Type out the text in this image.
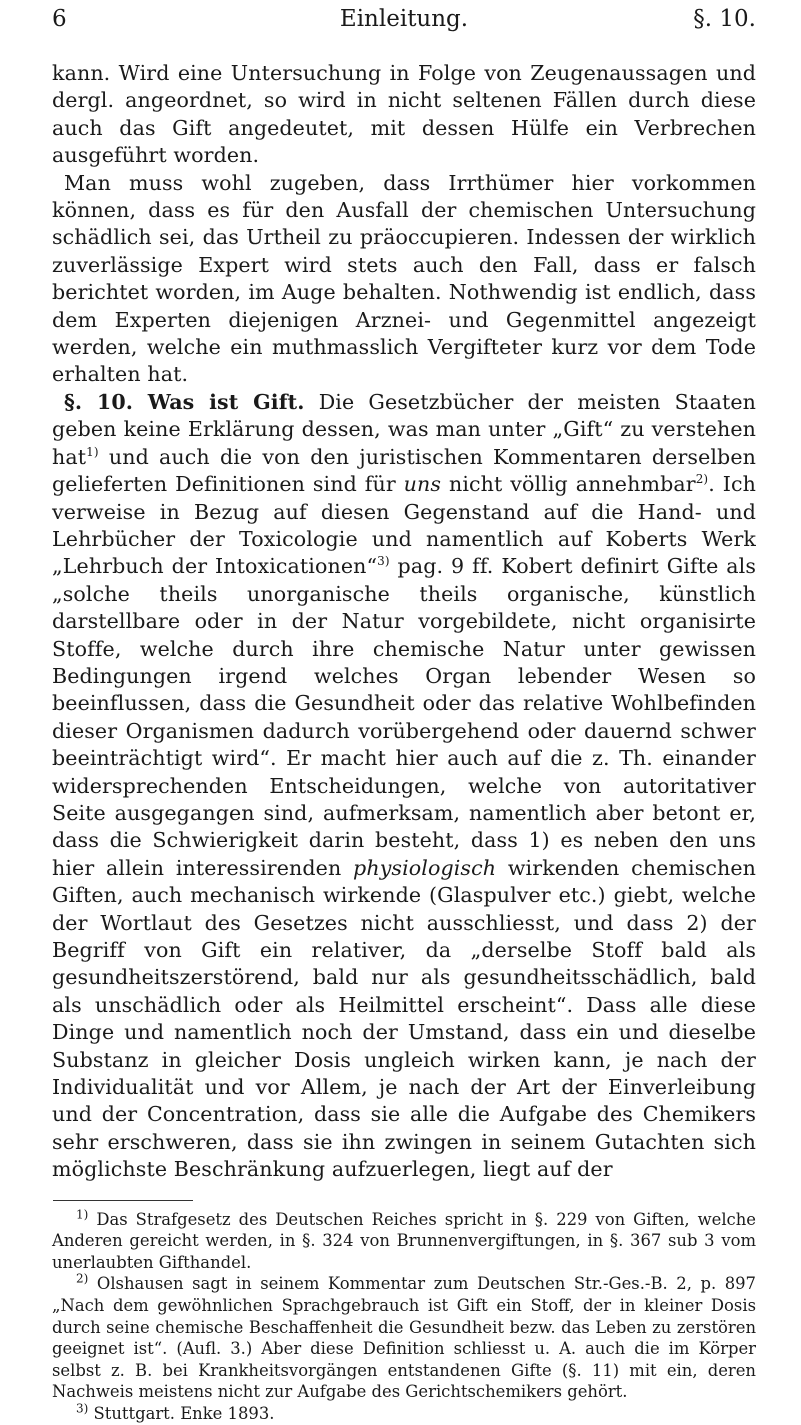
6	Einleitung.	§. 10.

kann. Wird eine Untersuchung in Folge von Zeugenaussagen und dergl. angeordnet, so wird in nicht seltenen Fällen durch diese auch das Gift angedeutet, mit dessen Hülfe ein Verbrechen ausgeführt worden.

Man muss wohl zugeben, dass Irrthümer hier vorkommen können, dass es für den Ausfall der chemischen Untersuchung schädlich sei, das Urtheil zu präoccupieren. Indessen der wirklich zuverlässige Expert wird stets auch den Fall, dass er falsch berichtet worden, im Auge behalten. Nothwendig ist endlich, dass dem Experten diejenigen Arznei- und Gegenmittel angezeigt werden, welche ein muthmasslich Vergifteter kurz vor dem Tode erhalten hat.

§. 10. Was ist Gift. Die Gesetzbücher der meisten Staaten geben keine Erklärung dessen, was man unter „Gift“ zu verstehen hat$^{1)}$ und auch die von den juristischen Kommentaren derselben gelieferten Definitionen sind für uns nicht völlig annehmbar$^{2)}$. Ich verweise in Bezug auf diesen Gegenstand auf die Hand- und Lehrbücher der Toxicologie und namentlich auf Koberts Werk „Lehrbuch der Intoxicationen“$^{3)}$ pag. 9 ff. Kobert definirt Gifte als „solche theils unorganische theils organische, künstlich darstellbare oder in der Natur vorgebildete, nicht organisirte Stoffe, welche durch ihre chemische Natur unter gewissen Bedingungen irgend welches Organ lebender Wesen so beeinflussen, dass die Gesundheit oder das relative Wohlbefinden dieser Organismen dadurch vorübergehend oder dauernd schwer beeinträchtigt wird“. Er macht hier auch auf die z. Th. einander widersprechenden Entscheidungen, welche von autoritativer Seite ausgegangen sind, aufmerksam, namentlich aber betont er, dass die Schwierigkeit darin besteht, dass 1) es neben den uns hier allein interessirenden physiologisch wirkenden chemischen Giften, auch mechanisch wirkende (Glaspulver etc.) giebt, welche der Wortlaut des Gesetzes nicht ausschliesst, und dass 2) der Begriff von Gift ein relativer, da „derselbe Stoff bald als gesundheitszerstörend, bald nur als gesundheitsschädlich, bald als unschädlich oder als Heilmittel erscheint“. Dass alle diese Dinge und namentlich noch der Umstand, dass ein und dieselbe Substanz in gleicher Dosis ungleich wirken kann, je nach der Individualität und vor Allem, je nach der Art der Einverleibung und der Concentration, dass sie alle die Aufgabe des Chemikers sehr erschweren, dass sie ihn zwingen in seinem Gutachten sich möglichste Beschränkung aufzuerlegen, liegt auf der

$^{1)}$ Das Strafgesetz des Deutschen Reiches spricht in §. 229 von Giften, welche Anderen gereicht werden, in §. 324 von Brunnenvergiftungen, in §. 367 sub 3 vom unerlaubten Gifthandel.

$^{2)}$ Olshausen sagt in seinem Kommentar zum Deutschen Str.-Ges.-B. 2, p. 897 „Nach dem gewöhnlichen Sprachgebrauch ist Gift ein Stoff, der in kleiner Dosis durch seine chemische Beschaffenheit die Gesundheit bezw. das Leben zu zerstören geeignet ist“. (Aufl. 3.) Aber diese Definition schliesst u. A. auch die im Körper selbst z. B. bei Krankheitsvorgängen entstandenen Gifte (§. 11) mit ein, deren Nachweis meistens nicht zur Aufgabe des Gerichtschemikers gehört.

$^{3)}$ Stuttgart. Enke 1893.
